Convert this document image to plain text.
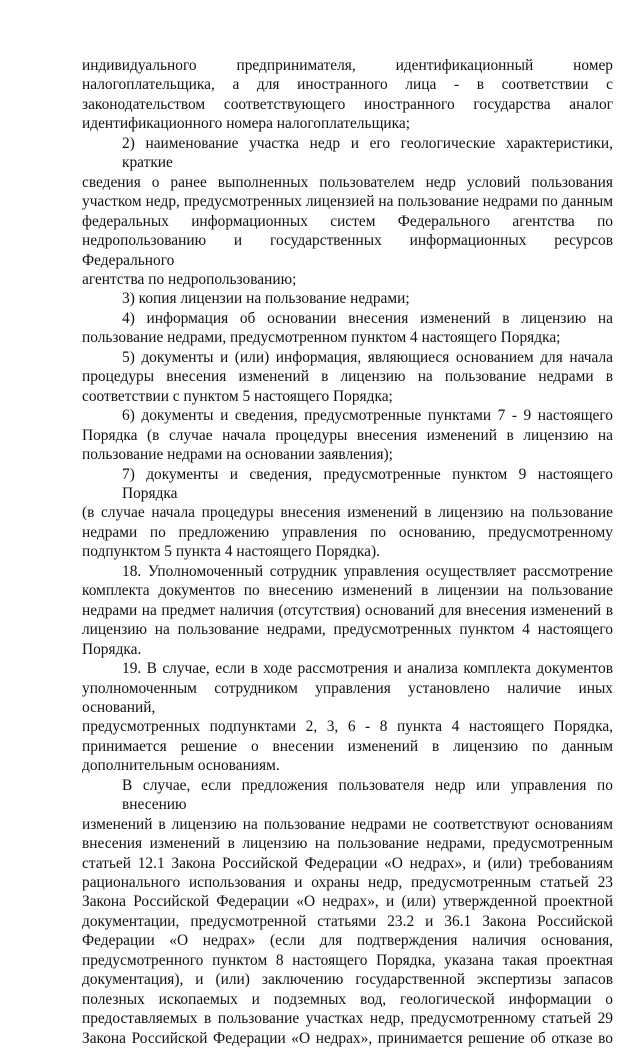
индивидуального предпринимателя, идентификационный номер
налогоплательщика, а для иностранного лица - в соответствии с
законодательством соответствующего иностранного государства аналог
идентификационного номера налогоплательщика;
2) наименование участка недр и его геологические характеристики, краткие
сведения о ранее выполненных пользователем недр условий пользования
участком недр, предусмотренных лицензией на пользование недрами по данным
федеральных информационных систем Федерального агентства по
недропользованию и государственных информационных ресурсов Федерального
агентства по недропользованию;
3) копия лицензии на пользование недрами;
4) информация об основании внесения изменений в лицензию на
пользование недрами, предусмотренном пунктом 4 настоящего Порядка;
5) документы и (или) информация, являющиеся основанием для начала
процедуры внесения изменений в лицензию на пользование недрами в
соответствии с пунктом 5 настоящего Порядка;
6) документы и сведения, предусмотренные пунктами 7 - 9 настоящего
Порядка (в случае начала процедуры внесения изменений в лицензию на
пользование недрами на основании заявления);
7) документы и сведения, предусмотренные пунктом 9 настоящего Порядка
(в случае начала процедуры внесения изменений в лицензию на пользование
недрами по предложению управления по основанию, предусмотренному
подпунктом 5 пункта 4 настоящего Порядка).
18. Уполномоченный сотрудник управления осуществляет рассмотрение
комплекта документов по внесению изменений в лицензии на пользование
недрами на предмет наличия (отсутствия) оснований для внесения изменений в
лицензию на пользование недрами, предусмотренных пунктом 4 настоящего
Порядка.
19. В случае, если в ходе рассмотрения и анализа комплекта документов
уполномоченным сотрудником управления установлено наличие иных оснований,
предусмотренных подпунктами 2, 3, 6 - 8 пункта 4 настоящего Порядка,
принимается решение о внесении изменений в лицензию по данным
дополнительным основаниям.
В случае, если предложения пользователя недр или управления по внесению
изменений в лицензию на пользование недрами не соответствуют основаниям
внесения изменений в лицензию на пользование недрами, предусмотренным
статьей 12.1 Закона Российской Федерации «О недрах», и (или) требованиям
рационального использования и охраны недр, предусмотренным статьей 23
Закона Российской Федерации «О недрах», и (или) утвержденной проектной
документации, предусмотренной статьями 23.2 и 36.1 Закона Российской
Федерации «О недрах» (если для подтверждения наличия основания,
предусмотренного пунктом 8 настоящего Порядка, указана такая проектная
документация), и (или) заключению государственной экспертизы запасов
полезных ископаемых и подземных вод, геологической информации о
предоставляемых в пользование участках недр, предусмотренному статьей 29
Закона Российской Федерации «О недрах», принимается решение об отказе во
